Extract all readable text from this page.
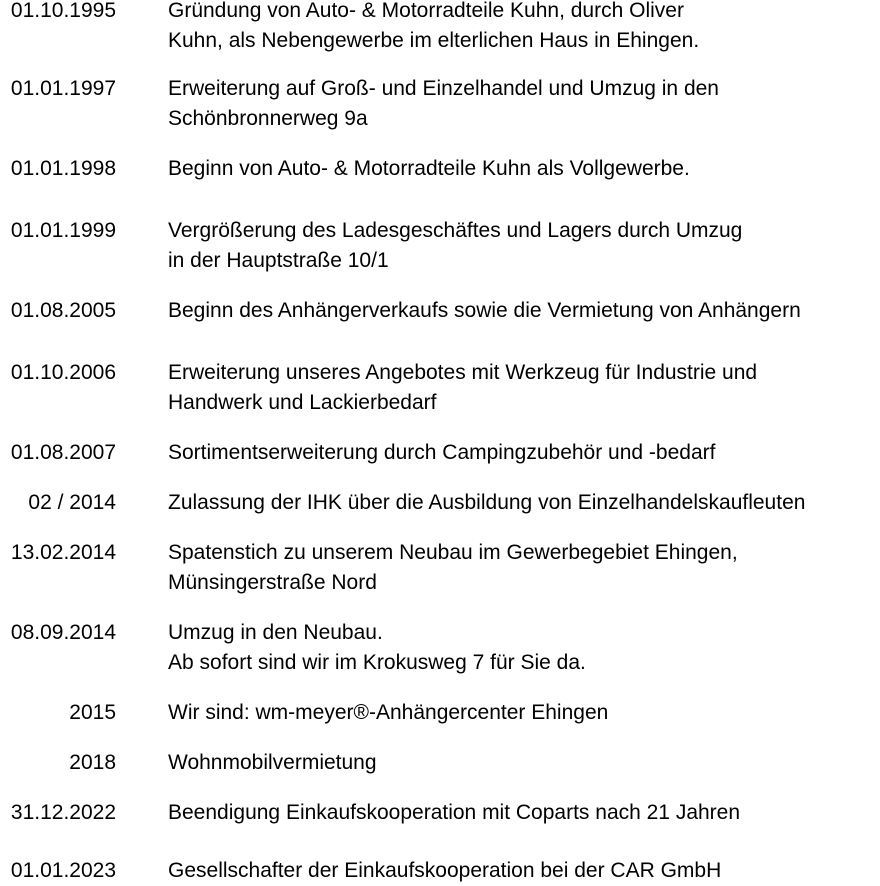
01.10.1995 Gründung von Auto- & Motorradteile Kuhn, durch Oliver
Kuhn, als Nebengewerbe im elterlichen Haus in Ehingen.
01.01.1997 Erweiterung auf Groß- und Einzelhandel und Umzug in den
Schönbronnerweg 9a
01.01.1998 Beginn von Auto- & Motorradteile Kuhn als Vollgewerbe.
01.01.1999 Vergrößerung des Ladesgeschäftes und Lagers durch Umzug
in der Hauptstraße 10/1
01.08.2005 Beginn des Anhängerverkaufs sowie die Vermietung von Anhängern
01.10.2006 Erweiterung unseres Angebotes mit Werkzeug für Industrie und
Handwerk und Lackierbedarf
01.08.2007 Sortimentserweiterung durch Campingzubehör und -bedarf
02 / 2014 Zulassung der IHK über die Ausbildung von Einzelhandelskaufleuten
13.02.2014 Spatenstich zu unserem Neubau im Gewerbegebiet Ehingen,
Münsingerstraße Nord
08.09.2014 Umzug in den Neubau.
Ab sofort sind wir im Krokusweg 7 für Sie da.
2015 Wir sind: wm-meyer®-Anhängercenter Ehingen
2018 Wohnmobilvermietung
31.12.2022 Beendigung Einkaufskooperation mit Coparts nach 21 Jahren
01.01.2023 Gesellschafter der Einkaufskooperation bei der CAR GmbH
